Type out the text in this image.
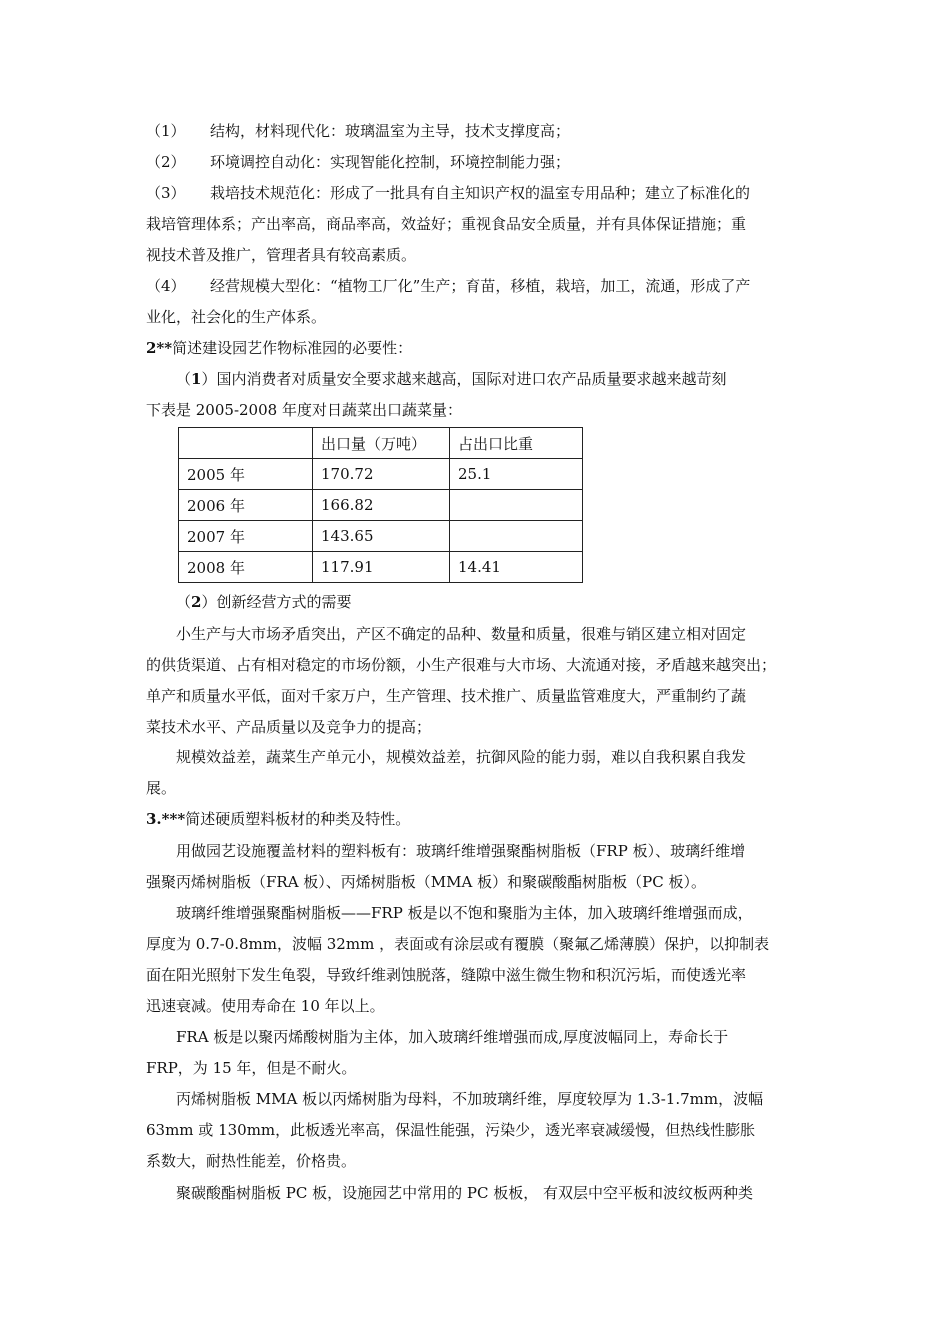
（1） 结构，材料现代化：玻璃温室为主导，技术支撑度高；
（2） 环境调控自动化：实现智能化控制，环境控制能力强；
（3） 栽培技术规范化：形成了一批具有自主知识产权的温室专用品种；建立了标准化的
栽培管理体系；产出率高，商品率高，效益好；重视食品安全质量，并有具体保证措施；重
视技术普及推广，管理者具有较高素质。
（4） 经营规模大型化：“植物工厂化”生产；育苗，移植，栽培，加工，流通，形成了产
业化，社会化的生产体系。
2**简述建设园艺作物标准园的必要性：
（1）国内消费者对质量安全要求越来越高，国际对进口农产品质量要求越来越苛刻
下表是 2005-2008 年度对日蔬菜出口蔬菜量：
	出口量（万吨）	占出口比重
2005 年	170.72	25.1
2006 年	166.82	
2007 年	143.65	
2008 年	117.91	14.41
（2）创新经营方式的需要
小生产与大市场矛盾突出，产区不确定的品种、数量和质量，很难与销区建立相对固定
的供货渠道、占有相对稳定的市场份额，小生产很难与大市场、大流通对接，矛盾越来越突出；
单产和质量水平低，面对千家万户，生产管理、技术推广、质量监管难度大，严重制约了蔬
菜技术水平、产品质量以及竞争力的提高；
规模效益差，蔬菜生产单元小，规模效益差，抗御风险的能力弱，难以自我积累自我发
展。
3.***简述硬质塑料板材的种类及特性。
用做园艺设施覆盖材料的塑料板有：玻璃纤维增强聚酯树脂板（FRP 板）、玻璃纤维增
强聚丙烯树脂板（FRA 板）、丙烯树脂板（MMA 板）和聚碳酸酯树脂板（PC 板）。
玻璃纤维增强聚酯树脂板——FRP 板是以不饱和聚脂为主体，加入玻璃纤维增强而成，
厚度为 0.7-0.8mm，波幅 32mm ，表面或有涂层或有覆膜（聚氟乙烯薄膜）保护，以抑制表
面在阳光照射下发生龟裂，导致纤维剥蚀脱落，缝隙中滋生微生物和积沉污垢，而使透光率
迅速衰减。使用寿命在 10 年以上。
FRA 板是以聚丙烯酸树脂为主体，加入玻璃纤维增强而成,厚度波幅同上，寿命长于
FRP，为 15 年，但是不耐火。
丙烯树脂板 MMA 板以丙烯树脂为母料，不加玻璃纤维，厚度较厚为 1.3-1.7mm，波幅
63mm 或 130mm，此板透光率高，保温性能强，污染少，透光率衰减缓慢，但热线性膨胀
系数大，耐热性能差，价格贵。
聚碳酸酯树脂板 PC 板，设施园艺中常用的 PC 板板， 有双层中空平板和波纹板两种类
